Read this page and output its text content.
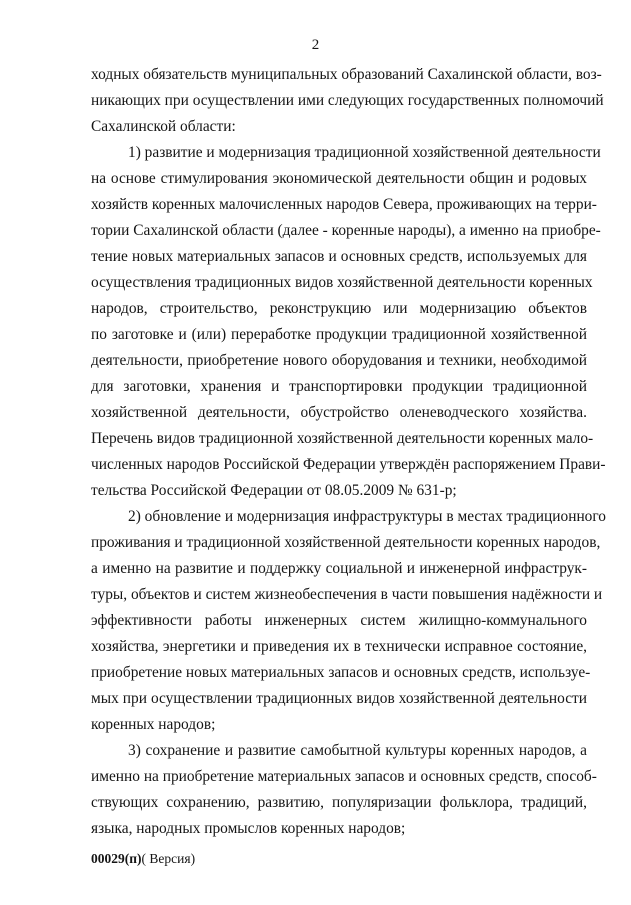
2
ходных обязательств муниципальных образований Сахалинской области, воз-
никающих при осуществлении ими следующих государственных полномочий
Сахалинской области:
1) развитие и модернизация традиционной хозяйственной деятельности
на основе стимулирования экономической деятельности общин и родовых
хозяйств коренных малочисленных народов Севера, проживающих на терри-
тории Сахалинской области (далее - коренные народы), а именно на приобре-
тение новых материальных запасов и основных средств, используемых для
осуществления традиционных видов хозяйственной деятельности коренных
народов, строительство, реконструкцию или модернизацию объектов
по заготовке и (или) переработке продукции традиционной хозяйственной
деятельности, приобретение нового оборудования и техники, необходимой
для заготовки, хранения и транспортировки продукции традиционной
хозяйственной деятельности, обустройство оленеводческого хозяйства.
Перечень видов традиционной хозяйственной деятельности коренных мало-
численных народов Российской Федерации утверждён распоряжением Прави-
тельства Российской Федерации от 08.05.2009 № 631-р;
2) обновление и модернизация инфраструктуры в местах традиционного
проживания и традиционной хозяйственной деятельности коренных народов,
а именно на развитие и поддержку социальной и инженерной инфраструк-
туры, объектов и систем жизнеобеспечения в части повышения надёжности и
эффективности работы инженерных систем жилищно-коммунального
хозяйства, энергетики и приведения их в технически исправное состояние,
приобретение новых материальных запасов и основных средств, используе-
мых при осуществлении традиционных видов хозяйственной деятельности
коренных народов;
3) сохранение и развитие самобытной культуры коренных народов, а
именно на приобретение материальных запасов и основных средств, способ-
ствующих сохранению, развитию, популяризации фольклора, традиций,
языка, народных промыслов коренных народов;
00029(п)( Версия)
